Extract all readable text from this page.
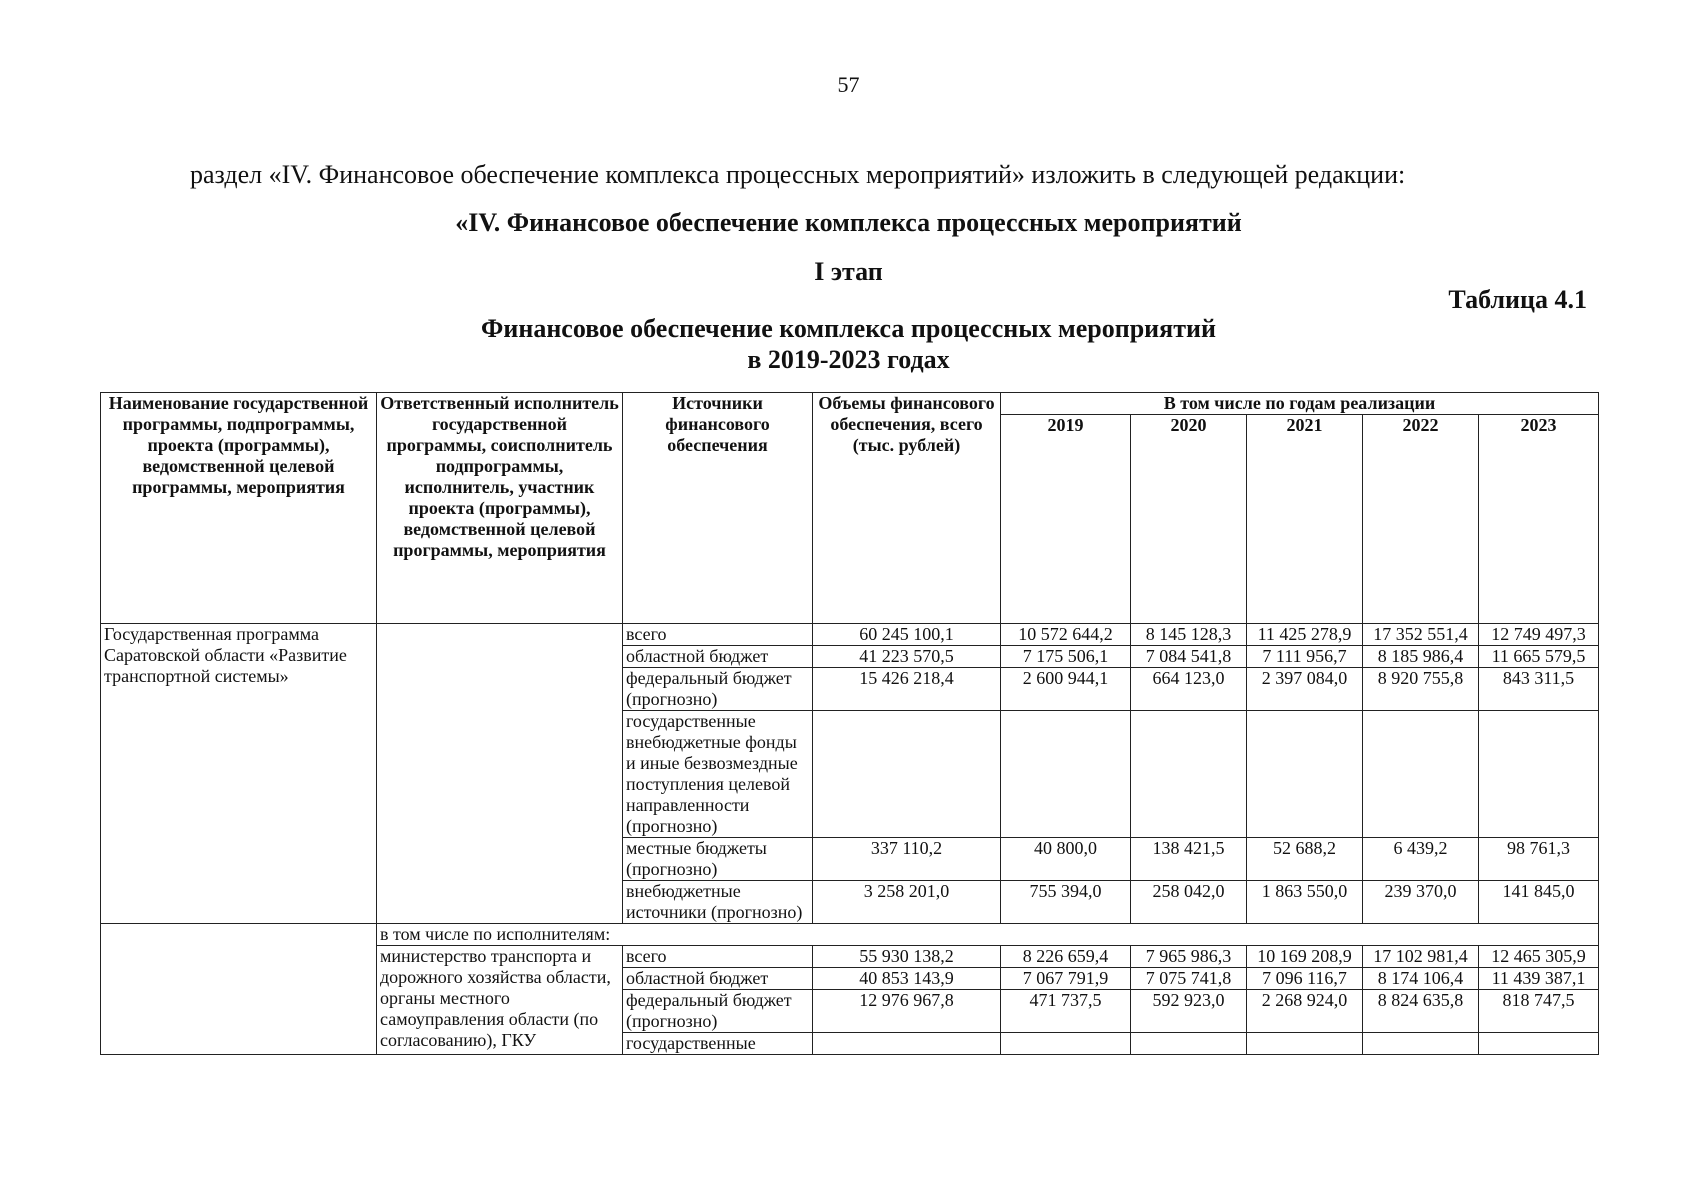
57
раздел «IV. Финансовое обеспечение комплекса процессных мероприятий» изложить в следующей редакции:
«IV. Финансовое обеспечение комплекса процессных мероприятий
I этап
Таблица 4.1
Финансовое обеспечение комплекса процессных мероприятий
в 2019-2023 годах
Наименование государственной программы, подпрограммы, проекта (программы), ведомственной целевой программы, мероприятия	Ответственный исполнитель государственной программы, соисполнитель подпрограммы, исполнитель, участник проекта (программы), ведомственной целевой программы, мероприятия	Источники финансового обеспечения	Объемы финансового обеспечения, всего (тыс. рублей)	В том числе по годам реализации				
				2019	2020	2021	2022	2023
Государственная программа Саратовской области «Развитие транспортной системы»		всего	60 245 100,1	10 572 644,2	8 145 128,3	11 425 278,9	17 352 551,4	12 749 497,3
		областной бюджет	41 223 570,5	7 175 506,1	7 084 541,8	7 111 956,7	8 185 986,4	11 665 579,5
		федеральный бюджет (прогнозно)	15 426 218,4	2 600 944,1	664 123,0	2 397 084,0	8 920 755,8	843 311,5
		государственные внебюджетные фонды и иные безвозмездные поступления целевой направленности (прогнозно)						
		местные бюджеты (прогнозно)	337 110,2	40 800,0	138 421,5	52 688,2	6 439,2	98 761,3
		внебюджетные источники (прогнозно)	3 258 201,0	755 394,0	258 042,0	1 863 550,0	239 370,0	141 845,0
	в том числе по исполнителям:							
	министерство транспорта и дорожного хозяйства области, органы местного самоуправления области (по согласованию), ГКУ	всего	55 930 138,2	8 226 659,4	7 965 986,3	10 169 208,9	17 102 981,4	12 465 305,9
		областной бюджет	40 853 143,9	7 067 791,9	7 075 741,8	7 096 116,7	8 174 106,4	11 439 387,1
		федеральный бюджет (прогнозно)	12 976 967,8	471 737,5	592 923,0	2 268 924,0	8 824 635,8	818 747,5
		государственные						
